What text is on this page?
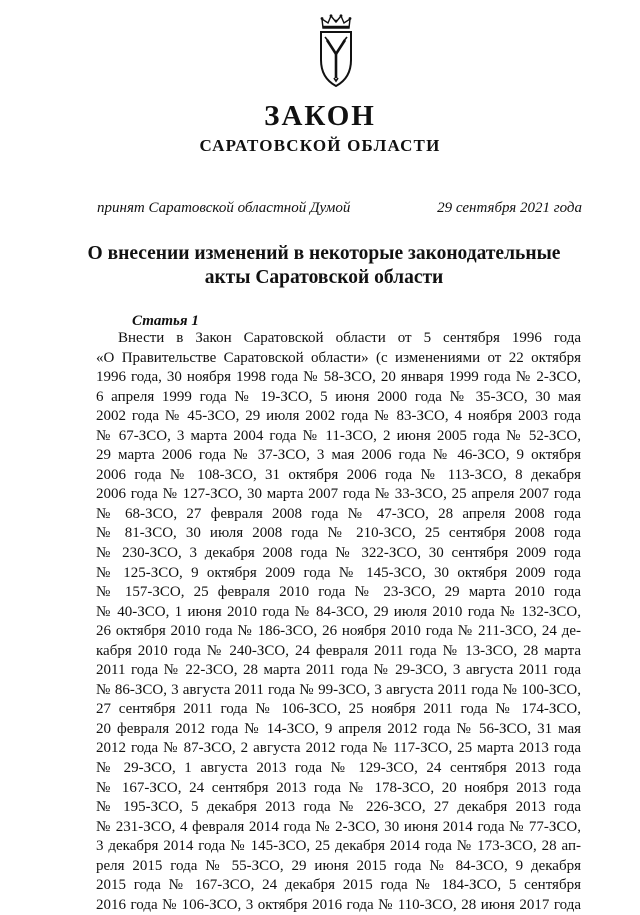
ЗАКОН
САРАТОВСКОЙ ОБЛАСТИ
принят Саратовской областной Думой	29 сентября 2021 года
О внесении изменений в некоторые законодательные
акты Саратовской области
Статья 1
Внести в Закон Саратовской области от 5 сентября 1996 года
«О Правительстве Саратовской области» (с изменениями от 22 октября
1996 года, 30 ноября 1998 года № 58-ЗСО, 20 января 1999 года № 2-ЗСО,
6 апреля 1999 года № 19-ЗСО, 5 июня 2000 года № 35-ЗСО, 30 мая
2002 года № 45-ЗСО, 29 июля 2002 года № 83-ЗСО, 4 ноября 2003 года
№ 67-ЗСО, 3 марта 2004 года № 11-ЗСО, 2 июня 2005 года № 52-ЗСО,
29 марта 2006 года № 37-ЗСО, 3 мая 2006 года № 46-ЗСО, 9 октября
2006 года № 108-ЗСО, 31 октября 2006 года № 113-ЗСО, 8 декабря
2006 года № 127-ЗСО, 30 марта 2007 года № 33-ЗСО, 25 апреля 2007 года
№ 68-ЗСО, 27 февраля 2008 года № 47-ЗСО, 28 апреля 2008 года
№ 81-ЗСО, 30 июля 2008 года № 210-ЗСО, 25 сентября 2008 года
№ 230-ЗСО, 3 декабря 2008 года № 322-ЗСО, 30 сентября 2009 года
№ 125-ЗСО, 9 октября 2009 года № 145-ЗСО, 30 октября 2009 года
№ 157-ЗСО, 25 февраля 2010 года № 23-ЗСО, 29 марта 2010 года
№ 40-ЗСО, 1 июня 2010 года № 84-ЗСО, 29 июля 2010 года № 132-ЗСО,
26 октября 2010 года № 186-ЗСО, 26 ноября 2010 года № 211-ЗСО, 24 де-
кабря 2010 года № 240-ЗСО, 24 февраля 2011 года № 13-ЗСО, 28 марта
2011 года № 22-ЗСО, 28 марта 2011 года № 29-ЗСО, 3 августа 2011 года
№ 86-ЗСО, 3 августа 2011 года № 99-ЗСО, 3 августа 2011 года № 100-ЗСО,
27 сентября 2011 года № 106-ЗСО, 25 ноября 2011 года № 174-ЗСО,
20 февраля 2012 года № 14-ЗСО, 9 апреля 2012 года № 56-ЗСО, 31 мая
2012 года № 87-ЗСО, 2 августа 2012 года № 117-ЗСО, 25 марта 2013 года
№ 29-ЗСО, 1 августа 2013 года № 129-ЗСО, 24 сентября 2013 года
№ 167-ЗСО, 24 сентября 2013 года № 178-ЗСО, 20 ноября 2013 года
№ 195-ЗСО, 5 декабря 2013 года № 226-ЗСО, 27 декабря 2013 года
№ 231-ЗСО, 4 февраля 2014 года № 2-ЗСО, 30 июня 2014 года № 77-ЗСО,
3 декабря 2014 года № 145-ЗСО, 25 декабря 2014 года № 173-ЗСО, 28 ап-
реля 2015 года № 55-ЗСО, 29 июня 2015 года № 84-ЗСО, 9 декабря
2015 года № 167-ЗСО, 24 декабря 2015 года № 184-ЗСО, 5 сентября
2016 года № 106-ЗСО, 3 октября 2016 года № 110-ЗСО, 28 июня 2017 года
